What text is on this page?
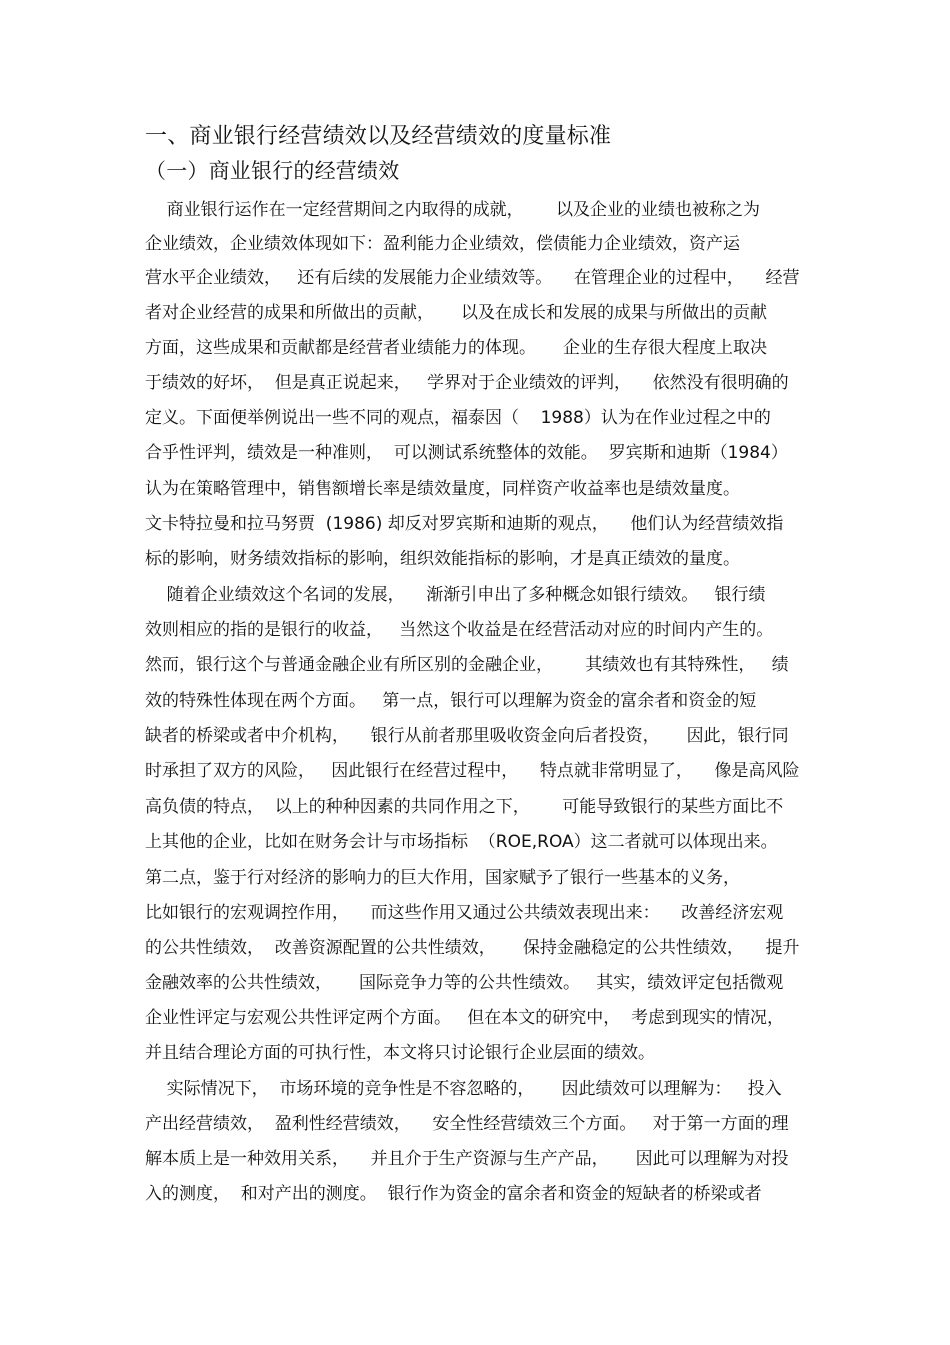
一、商业银行经营绩效以及经营绩效的度量标准
（一）商业银行的经营绩效
商业银行运作在一定经营期间之内取得的成就，      以及企业的业绩也被称之为
企业绩效，企业绩效体现如下：盈利能力企业绩效，偿债能力企业绩效，资产运
营水平企业绩效，   还有后续的发展能力企业绩效等。    在管理企业的过程中，    经营
者对企业经营的成果和所做出的贡献，     以及在成长和发展的成果与所做出的贡献
方面，这些成果和贡献都是经营者业绩能力的体现。     企业的生存很大程度上取决
于绩效的好坏，  但是真正说起来，   学界对于企业绩效的评判，    依然没有很明确的
定义。下面便举例说出一些不同的观点，福泰因（    1988）认为在作业过程之中的
合乎性评判，绩效是一种准则，  可以测试系统整体的效能。  罗宾斯和迪斯（1984）
认为在策略管理中，销售额增长率是绩效量度，同样资产收益率也是绩效量度。
文卡特拉曼和拉马努贾  (1986) 却反对罗宾斯和迪斯的观点，    他们认为经营绩效指
标的影响，财务绩效指标的影响，组织效能指标的影响，才是真正绩效的量度。
随着企业绩效这个名词的发展，    渐渐引申出了多种概念如银行绩效。   银行绩
效则相应的指的是银行的收益，   当然这个收益是在经营活动对应的时间内产生的。
然而，银行这个与普通金融企业有所区别的金融企业，      其绩效也有其特殊性，   绩
效的特殊性体现在两个方面。   第一点，银行可以理解为资金的富余者和资金的短
缺者的桥梁或者中介机构，    银行从前者那里吸收资金向后者投资，     因此，银行同
时承担了双方的风险，   因此银行在经营过程中，    特点就非常明显了，    像是高风险
高负债的特点，  以上的种种因素的共同作用之下，      可能导致银行的某些方面比不
上其他的企业，比如在财务会计与市场指标  （ROE,ROA）这二者就可以体现出来。
第二点，鉴于行对经济的影响力的巨大作用，国家赋予了银行一些基本的义务，
比如银行的宏观调控作用，    而这些作用又通过公共绩效表现出来：    改善经济宏观
的公共性绩效，  改善资源配置的公共性绩效，     保持金融稳定的公共性绩效，    提升
金融效率的公共性绩效，     国际竞争力等的公共性绩效。   其实，绩效评定包括微观
企业性评定与宏观公共性评定两个方面。   但在本文的研究中，  考虑到现实的情况，
并且结合理论方面的可执行性，本文将只讨论银行企业层面的绩效。
实际情况下，  市场环境的竞争性是不容忽略的，     因此绩效可以理解为：   投入
产出经营绩效，  盈利性经营绩效，    安全性经营绩效三个方面。   对于第一方面的理
解本质上是一种效用关系，    并且介于生产资源与生产产品，     因此可以理解为对投
入的测度，  和对产出的测度。  银行作为资金的富余者和资金的短缺者的桥梁或者
